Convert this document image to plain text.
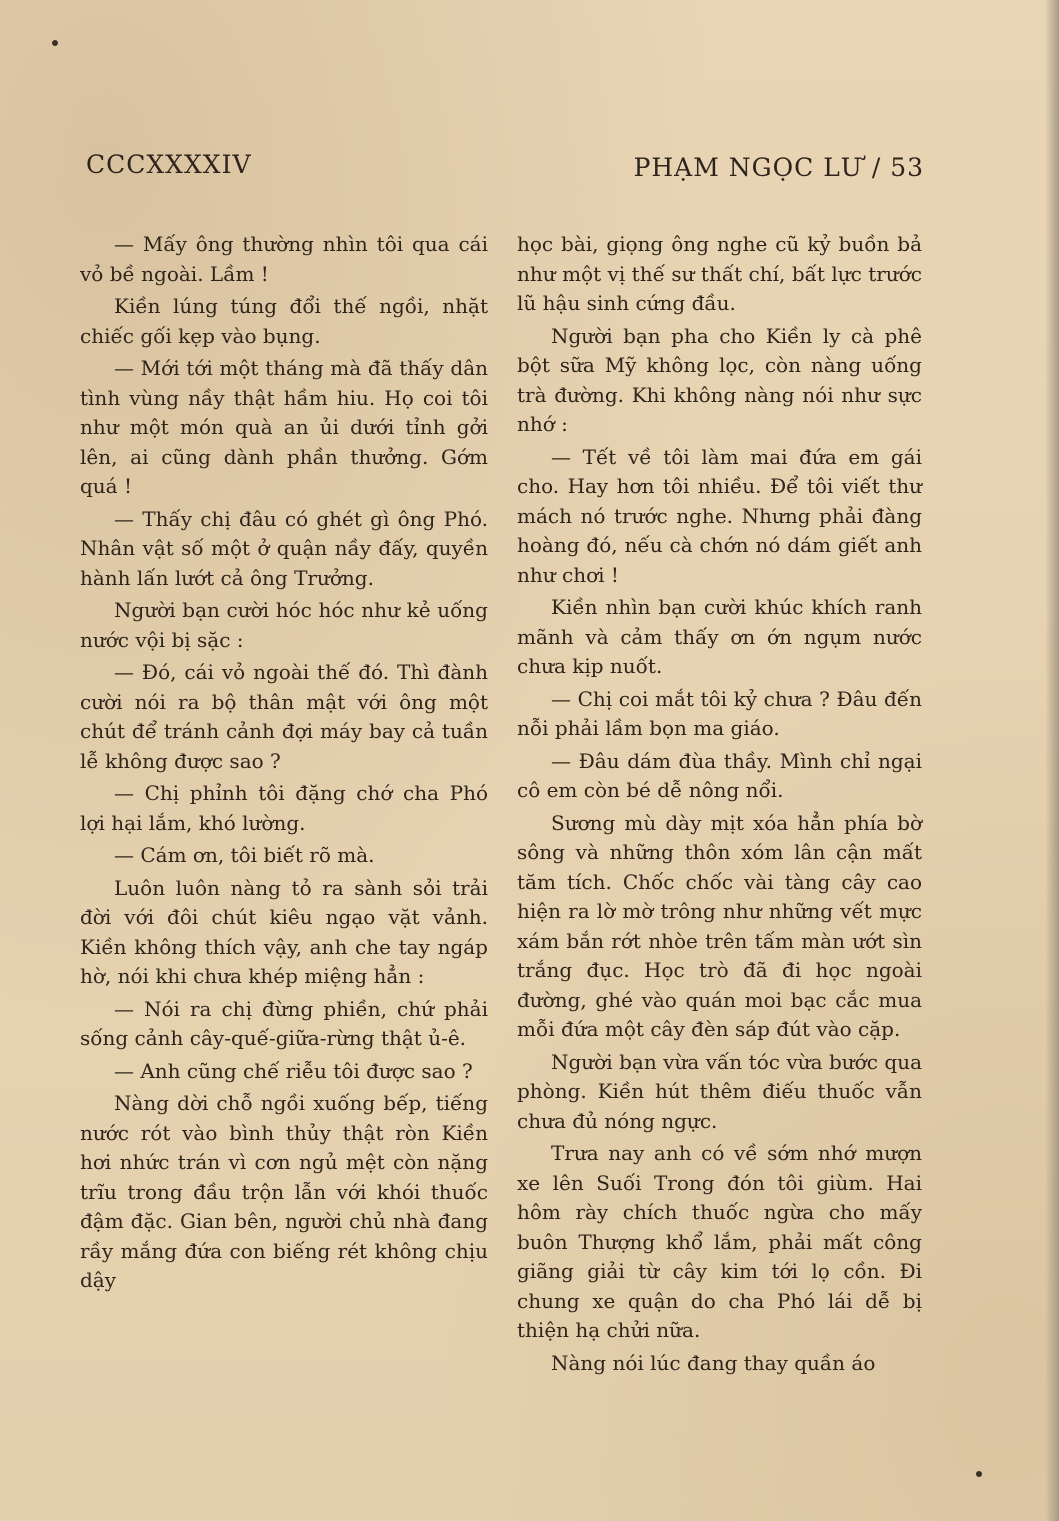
CCCXXXXIV	PHẠM NGỌC LƯ / 53

— Mấy ông thường nhìn tôi qua cái vỏ bề ngoài. Lầm !

Kiền lúng túng đổi thế ngồi, nhặt chiếc gối kẹp vào bụng.

— Mới tới một tháng mà đã thấy dân tình vùng nầy thật hầm hiu. Họ coi tôi như một món quà an ủi dưới tỉnh gởi lên, ai cũng dành phần thưởng. Gớm quá !

— Thấy chị đâu có ghét gì ông Phó. Nhân vật số một ở quận nầy đấy, quyền hành lấn lướt cả ông Trưởng.

Người bạn cười hóc hóc như kẻ uống nước vội bị sặc :

— Đó, cái vỏ ngoài thế đó. Thì đành cười nói ra bộ thân mật với ông một chút để tránh cảnh đợi máy bay cả tuần lễ không được sao ?

— Chị phỉnh tôi đặng chớ cha Phó lợi hại lắm, khó lường.

— Cám ơn, tôi biết rõ mà.

Luôn luôn nàng tỏ ra sành sỏi trải đời với đôi chút kiêu ngạo vặt vảnh. Kiền không thích vậy, anh che tay ngáp hờ, nói khi chưa khép miệng hẳn :

— Nói ra chị đừng phiền, chứ phải sống cảnh cây-quế-giữa-rừng thật ủ-ê.

— Anh cũng chế riễu tôi được sao ?

Nàng dời chỗ ngồi xuống bếp, tiếng nước rót vào bình thủy thật ròn Kiền hơi nhức trán vì cơn ngủ mệt còn nặng trĩu trong đầu trộn lẫn với khói thuốc đậm đặc. Gian bên, người chủ nhà đang rầy mắng đứa con biếng rét không chịu dậy

học bài, giọng ông nghe cũ kỷ buồn bả như một vị thế sư thất chí, bất lực trước lũ hậu sinh cứng đầu.

Người bạn pha cho Kiền ly cà phê bột sữa Mỹ không lọc, còn nàng uống trà đường. Khi không nàng nói như sực nhớ :

— Tết về tôi làm mai đứa em gái cho. Hay hơn tôi nhiều. Để tôi viết thư mách nó trước nghe. Nhưng phải đàng hoàng đó, nếu cà chớn nó dám giết anh như chơi !

Kiền nhìn bạn cười khúc khích ranh mãnh và cảm thấy ơn ớn ngụm nước chưa kịp nuốt.

— Chị coi mắt tôi kỷ chưa ? Đâu đến nỗi phải lầm bọn ma giáo.

— Đâu dám đùa thầy. Mình chỉ ngại cô em còn bé dễ nông nổi.

Sương mù dày mịt xóa hẳn phía bờ sông và những thôn xóm lân cận mất tăm tích. Chốc chốc vài tàng cây cao hiện ra lờ mờ trông như những vết mực xám bắn rớt nhòe trên tấm màn ướt sìn trắng đục. Học trò đã đi học ngoài đường, ghé vào quán moi bạc cắc mua mỗi đứa một cây đèn sáp đút vào cặp.

Người bạn vừa vấn tóc vừa bước qua phòng. Kiền hút thêm điếu thuốc vẫn chưa đủ nóng ngực.

Trưa nay anh có về sớm nhớ mượn xe lên Suối Trong đón tôi giùm. Hai hôm rày chích thuốc ngừa cho mấy buôn Thượng khổ lắm, phải mất công giãng giải từ cây kim tới lọ cồn. Đi chung xe quận do cha Phó lái dễ bị thiện hạ chửi nữa.

Nàng nói lúc đang thay quần áo
